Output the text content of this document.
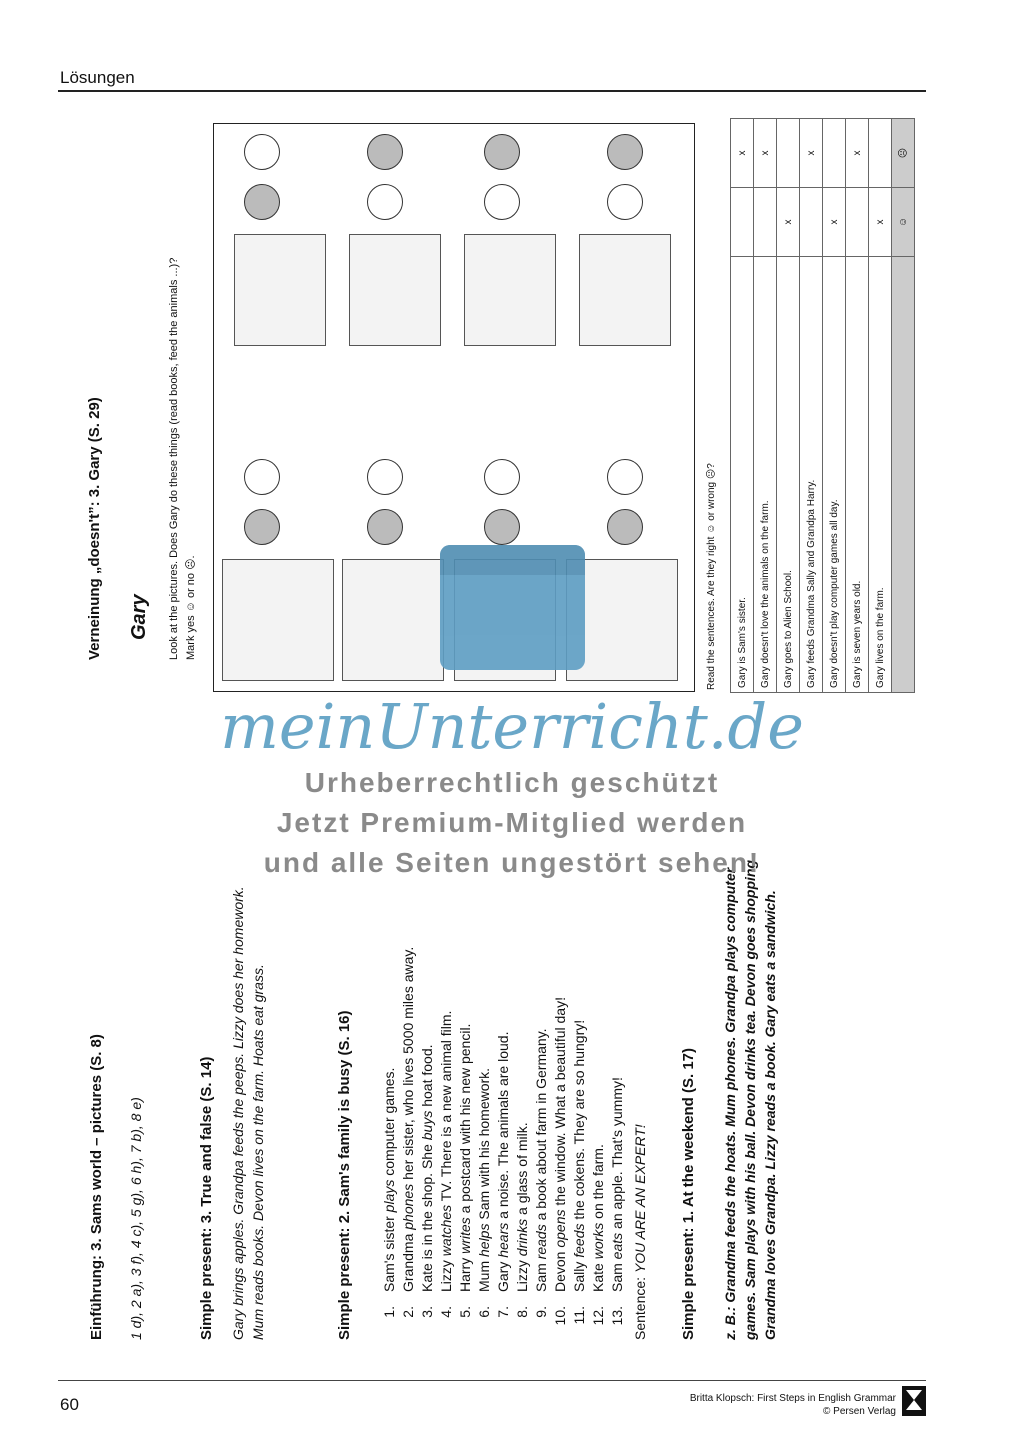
Lösungen
Einführung: 3. Sams world – pictures (S. 8) 1 d), 2 a), 3 f), 4 c), 5 g), 6 h), 7 b), 8 e)	Simple present: 3. True and false (S. 14) Gary brings apples. Grandpa feeds the peeps. Lizzy does her homework. Mum reads books. Devon lives on the farm. Hoats eat grass.	Simple present: 2. Sam's family is busy (S. 16) 1.
Sam's sister plays computer games.
2.
Grandma phones her sister, who lives 5000 miles away.
3.
Kate is in the shop. She buys hoat food.
4.
Lizzy watches TV. There is a new animal film.
5.
Harry writes a postcard with his new pencil.
6.
Mum helps Sam with his homework.
7.
Gary hears a noise. The animals are loud.
8.
Lizzy drinks a glass of milk.
9.
Sam reads a book about farm in Germany.
10.
Devon opens the window. What a beautiful day!
11.
Sally feeds the cokens. They are so hungry!
12.
Kate works on the farm.
13.
Sam eats an apple. That's yummy!
Sentence: YOU ARE AN EXPERT! Simple present: 1. At the weekend (S. 17) z. B.: Grandma feeds the hoats. Mum phones. Grandpa plays computer games. Sam plays with his ball. Devon drinks tea. Devon goes shopping. Grandma loves Grandpa. Lizzy reads a book. Gary eats a sandwich.
Verneinung „doesn't”: 3. Gary (S. 29) Gary Look at the pictures. Does Gary do these things (read books, feed the animals ...)? Mark yes ☺ or no ☹.	Read the sentences. Are they right ☺ or wrong ☹? Gary is Sam's sister.		x
Gary doesn't love the animals on the farm.		x
Gary goes to Alien School.	x	
Gary feeds Grandma Sally and Grandpa Harry.		x
Gary doesn't play computer games all day.	x	
Gary is seven years old.		x
Gary lives on the farm.	x	
	☺	☹
meinUnterricht.de
Urheberrechtlich geschützt
Jetzt Premium-Mitglied werden
und alle Seiten ungestört sehen!
60	Britta Klopsch: First Steps in English Grammar
© Persen Verlag
